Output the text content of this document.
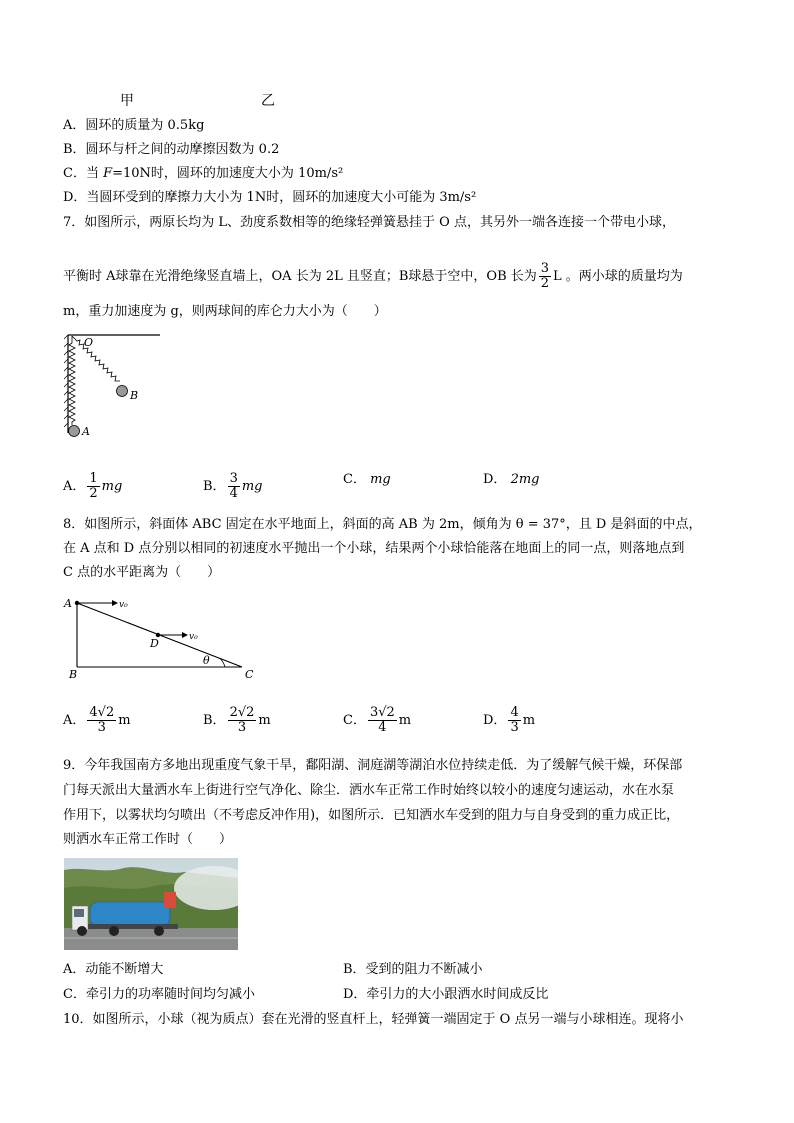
甲	乙
A．圆环的质量为 0.5kg
B．圆环与杆之间的动摩擦因数为 0.2
C．当 F=10N时，圆环的加速度大小为 10m/s²
D．当圆环受到的摩擦力大小为 1N时，圆环的加速度大小可能为 3m/s²
7．如图所示，两原长均为 L、劲度系数相等的绝缘轻弹簧悬挂于 O 点，其另外一端各连接一个带电小球，
平衡时 A球靠在光滑绝缘竖直墙上，OA 长为 2L 且竖直；B球悬于空中，OB 长为 $\frac{3}{2}$ L 。两小球的质量均为
m，重力加速度为 g，则两球间的库仑力大小为（　　）
O
A
B
A． $\frac{1}{2}$ mg	B． $\frac{3}{4}$ mg	C． mg	D． 2mg
8．如图所示，斜面体 ABC 固定在水平地面上，斜面的高 AB 为 2m，倾角为 θ = 37°，且 D 是斜面的中点，
在 A 点和 D 点分别以相同的初速度水平抛出一个小球，结果两个小球恰能落在地面上的同一点，则落地点到
C 点的水平距离为（　　）
A	v₀
D	v₀
θ
B	C
A． $\frac{4√2}{3}$ m	B． $\frac{2√2}{3}$ m	C． $\frac{3√2}{4}$ m	D． $\frac{4}{3}$ m
9．今年我国南方多地出现重度气象干旱，鄱阳湖、洞庭湖等湖泊水位持续走低．为了缓解气候干燥，环保部
门每天派出大量洒水车上街进行空气净化、除尘．洒水车正常工作时始终以较小的速度匀速运动，水在水泵
作用下，以雾状均匀喷出（不考虑反冲作用)，如图所示．已知洒水车受到的阻力与自身受到的重力成正比，
则洒水车正常工作时（　　）
A．动能不断增大	B．受到的阻力不断减小
C．牵引力的功率随时间均匀减小	D．牵引力的大小跟洒水时间成反比
10．如图所示，小球（视为质点）套在光滑的竖直杆上，轻弹簧一端固定于 O 点另一端与小球相连。现将小
